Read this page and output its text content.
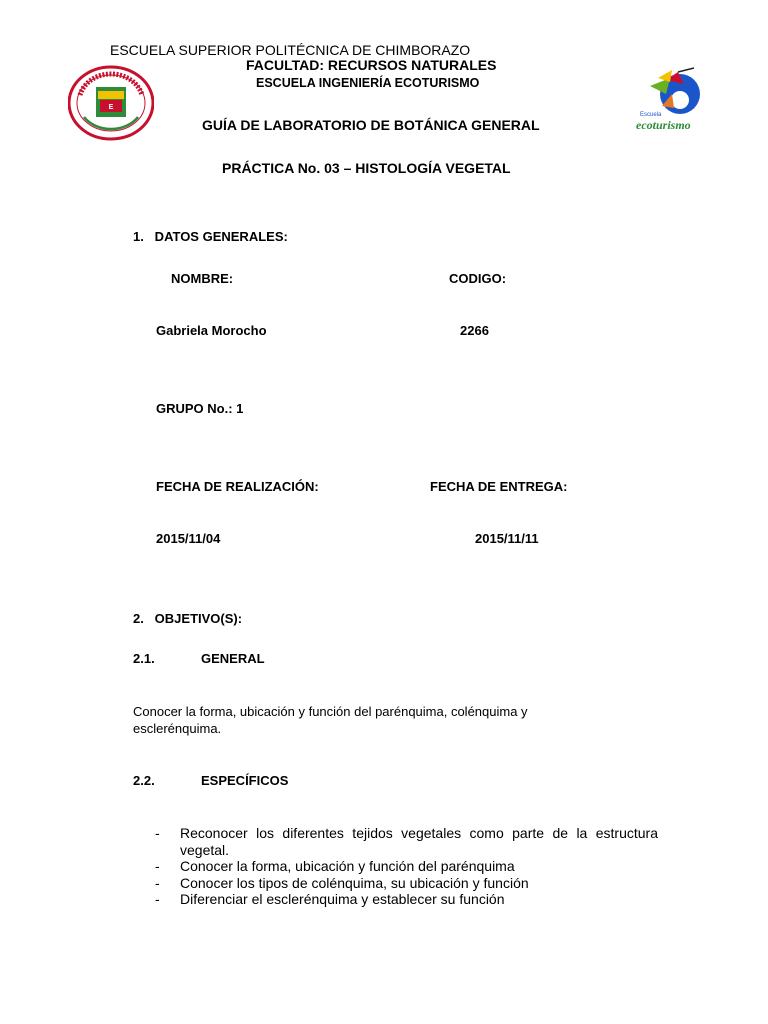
E
Escuela
ecoturismo
ESCUELA SUPERIOR POLITÉCNICA DE CHIMBORAZO
FACULTAD: RECURSOS NATURALES
ESCUELA INGENIERÍA ECOTURISMO
GUÍA DE LABORATORIO DE BOTÁNICA GENERAL
PRÁCTICA No. 03 – HISTOLOGÍA VEGETAL
1.   DATOS GENERALES:
NOMBRE:	CODIGO:
Gabriela Morocho	2266
GRUPO No.: 1
FECHA DE REALIZACIÓN:	FECHA DE ENTREGA:
2015/11/04	2015/11/11
2.   OBJETIVO(S):
2.1.	GENERAL
Conocer la forma, ubicación y función del parénquima, colénquima y esclerénquima.
2.2.	ESPECÍFICOS
- Reconocer los diferentes tejidos vegetales como parte de la estructura vegetal.
- Conocer la forma, ubicación y función del parénquima
- Conocer los tipos de colénquima, su ubicación y función
- Diferenciar el esclerénquima y establecer su función
